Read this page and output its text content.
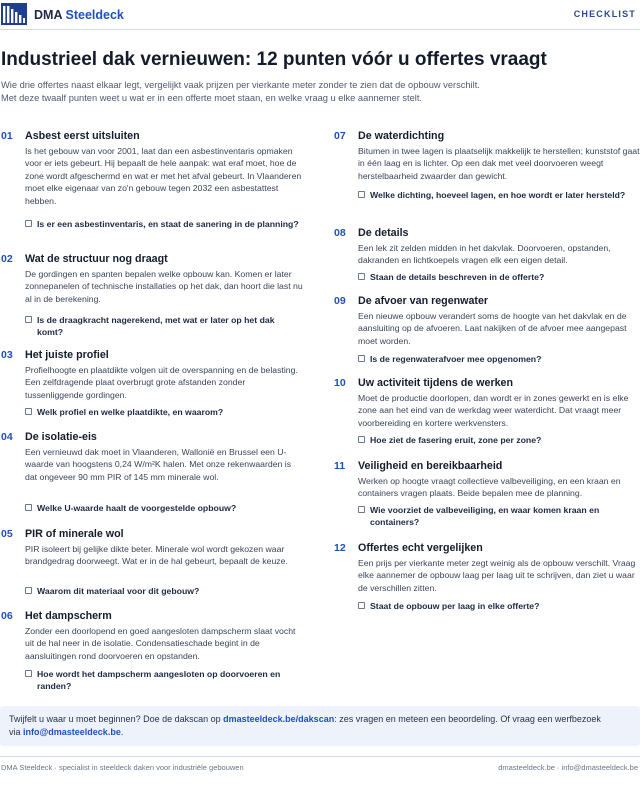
DMA Steeldeck	CHECKLIST
Industrieel dak vernieuwen: 12 punten vóór u offertes vraagt

Wie drie offertes naast elkaar legt, vergelijkt vaak prijzen per vierkante meter zonder te zien dat de opbouw verschilt. Met deze twaalf punten weet u wat er in een offerte moet staan, en welke vraag u elke aannemer stelt.

01 Asbest eerst uitsluiten

Is het gebouw van voor 2001, laat dan een asbestinventaris opmaken voor er iets gebeurt. Hij bepaalt de hele aanpak: wat eraf moet, hoe de zone wordt afgeschermd en wat er met het afval gebeurt. In Vlaanderen moet elke eigenaar van zo'n gebouw tegen 2032 een asbestattest hebben.

Is er een asbestinventaris, en staat de sanering in de planning?
02 Wat de structuur nog draagt

De gordingen en spanten bepalen welke opbouw kan. Komen er later zonnepanelen of technische installaties op het dak, dan hoort die last nu al in de berekening.

Is de draagkracht nagerekend, met wat er later op het dak komt?
03 Het juiste profiel

Profielhoogte en plaatdikte volgen uit de overspanning en de belasting. Een zelfdragende plaat overbrugt grote afstanden zonder tussenliggende gordingen.

Welk profiel en welke plaatdikte, en waarom?
04 De isolatie-eis

Een vernieuwd dak moet in Vlaanderen, Wallonië en Brussel een U-waarde van hoogstens 0,24 W/m²K halen. Met onze rekenwaarden is dat ongeveer 90 mm PIR of 145 mm minerale wol.

Welke U-waarde haalt de voorgestelde opbouw?
05 PIR of minerale wol

PIR isoleert bij gelijke dikte beter. Minerale wol wordt gekozen waar brandgedrag doorweegt. Wat er in de hal gebeurt, bepaalt de keuze.

Waarom dit materiaal voor dit gebouw?
06 Het dampscherm

Zonder een doorlopend en goed aangesloten dampscherm slaat vocht uit de hal neer in de isolatie. Condensatieschade begint in de aansluitingen rond doorvoeren en opstanden.

Hoe wordt het dampscherm aangesloten op doorvoeren en randen?
07 De waterdichting

Bitumen in twee lagen is plaatselijk makkelijk te herstellen; kunststof gaat in één laag en is lichter. Op een dak met veel doorvoeren weegt herstelbaarheid zwaarder dan gewicht.

Welke dichting, hoeveel lagen, en hoe wordt er later hersteld?
08 De details

Een lek zit zelden midden in het dakvlak. Doorvoeren, opstanden, dakranden en lichtkoepels vragen elk een eigen detail.

Staan de details beschreven in de offerte?
09 De afvoer van regenwater

Een nieuwe opbouw verandert soms de hoogte van het dakvlak en de aansluiting op de afvoeren. Laat nakijken of de afvoer mee aangepast moet worden.

Is de regenwaterafvoer mee opgenomen?
10 Uw activiteit tijdens de werken

Moet de productie doorlopen, dan wordt er in zones gewerkt en is elke zone aan het eind van de werkdag weer waterdicht. Dat vraagt meer voorbereiding en kortere werkvensters.

Hoe ziet de fasering eruit, zone per zone?
11 Veiligheid en bereikbaarheid

Werken op hoogte vraagt collectieve valbeveiliging, en een kraan en containers vragen plaats. Beide bepalen mee de planning.

Wie voorziet de valbeveiliging, en waar komen kraan en containers?
12 Offertes echt vergelijken

Een prijs per vierkante meter zegt weinig als de opbouw verschilt. Vraag elke aannemer de opbouw laag per laag uit te schrijven, dan ziet u waar de verschillen zitten.

Staat de opbouw per laag in elke offerte?

Twijfelt u waar u moet beginnen? Doe de dakscan op dmasteeldeck.be/dakscan: zes vragen en meteen een beoordeling. Of vraag een werfbezoek via info@dmasteeldeck.be.

DMA Steeldeck · specialist in steeldeck daken voor industriële gebouwen	dmasteeldeck.be · info@dmasteeldeck.be
